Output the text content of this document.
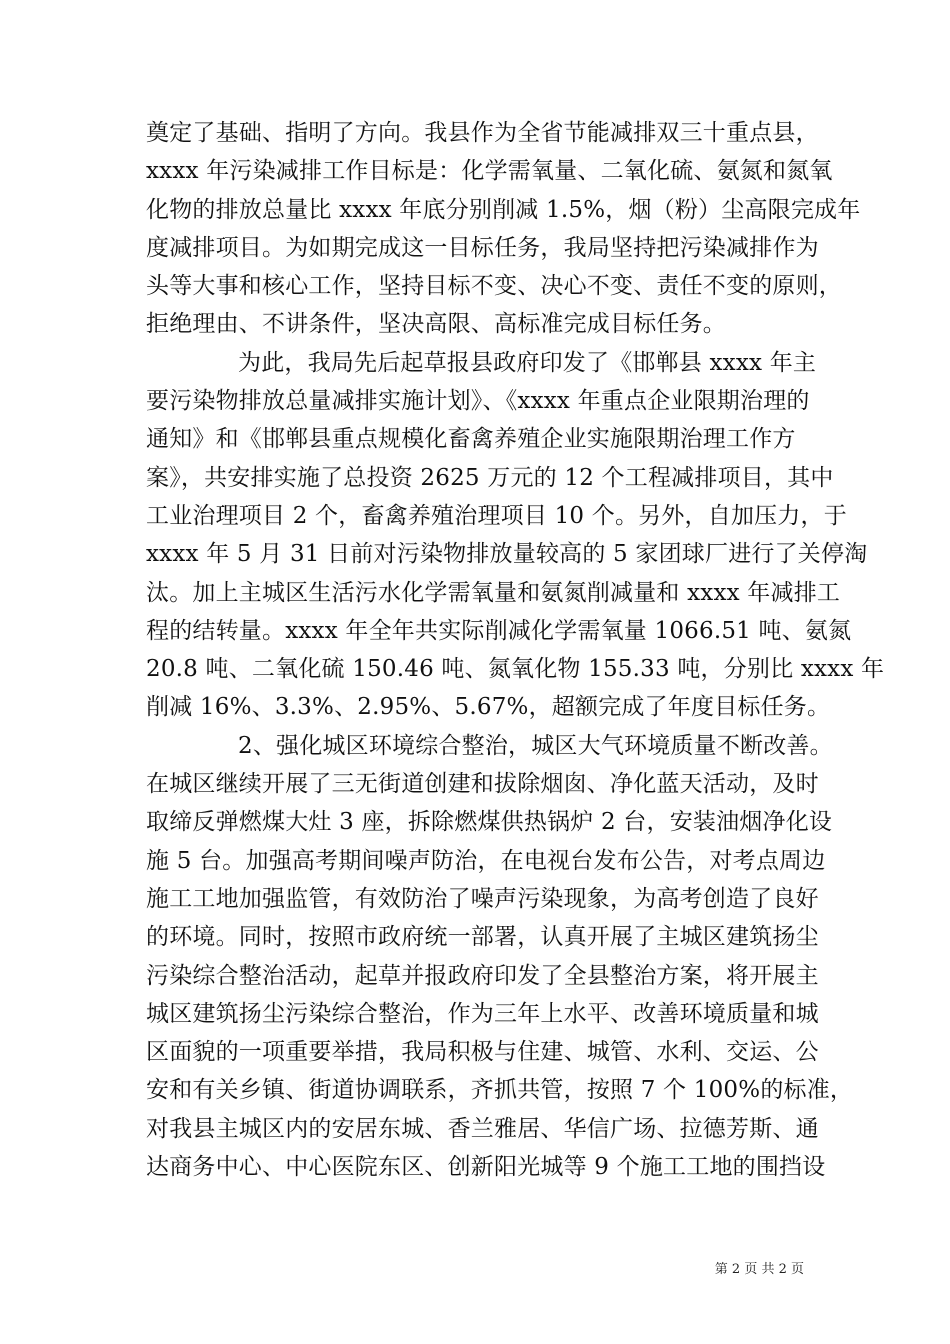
奠定了基础、指明了方向。我县作为全省节能减排双三十重点县，
xxxx 年污染减排工作目标是：化学需氧量、二氧化硫、氨氮和氮氧
化物的排放总量比 xxxx 年底分别削减 1.5%，烟（粉）尘高限完成年
度减排项目。为如期完成这一目标任务，我局坚持把污染减排作为
头等大事和核心工作，坚持目标不变、决心不变、责任不变的原则，
拒绝理由、不讲条件，坚决高限、高标准完成目标任务。
为此，我局先后起草报县政府印发了《邯郸县 xxxx 年主
要污染物排放总量减排实施计划》、《xxxx 年重点企业限期治理的
通知》和《邯郸县重点规模化畜禽养殖企业实施限期治理工作方
案》，共安排实施了总投资 2625 万元的 12 个工程减排项目，其中
工业治理项目 2 个，畜禽养殖治理项目 10 个。另外，自加压力，于
xxxx 年 5 月 31 日前对污染物排放量较高的 5 家团球厂进行了关停淘
汰。加上主城区生活污水化学需氧量和氨氮削减量和 xxxx 年减排工
程的结转量。xxxx 年全年共实际削减化学需氧量 1066.51 吨、氨氮
20.8 吨、二氧化硫 150.46 吨、氮氧化物 155.33 吨，分别比 xxxx 年
削减 16%、3.3%、2.95%、5.67%，超额完成了年度目标任务。
2、强化城区环境综合整治，城区大气环境质量不断改善。
在城区继续开展了三无街道创建和拔除烟囱、净化蓝天活动，及时
取缔反弹燃煤大灶 3 座，拆除燃煤供热锅炉 2 台，安装油烟净化设
施 5 台。加强高考期间噪声防治，在电视台发布公告，对考点周边
施工工地加强监管，有效防治了噪声污染现象，为高考创造了良好
的环境。同时，按照市政府统一部署，认真开展了主城区建筑扬尘
污染综合整治活动，起草并报政府印发了全县整治方案，将开展主
城区建筑扬尘污染综合整治，作为三年上水平、改善环境质量和城
区面貌的一项重要举措，我局积极与住建、城管、水利、交运、公
安和有关乡镇、街道协调联系，齐抓共管，按照 7 个 100%的标准，
对我县主城区内的安居东城、香兰雅居、华信广场、拉德芳斯、通
达商务中心、中心医院东区、创新阳光城等 9 个施工工地的围挡设
第 2 页 共 2 页
